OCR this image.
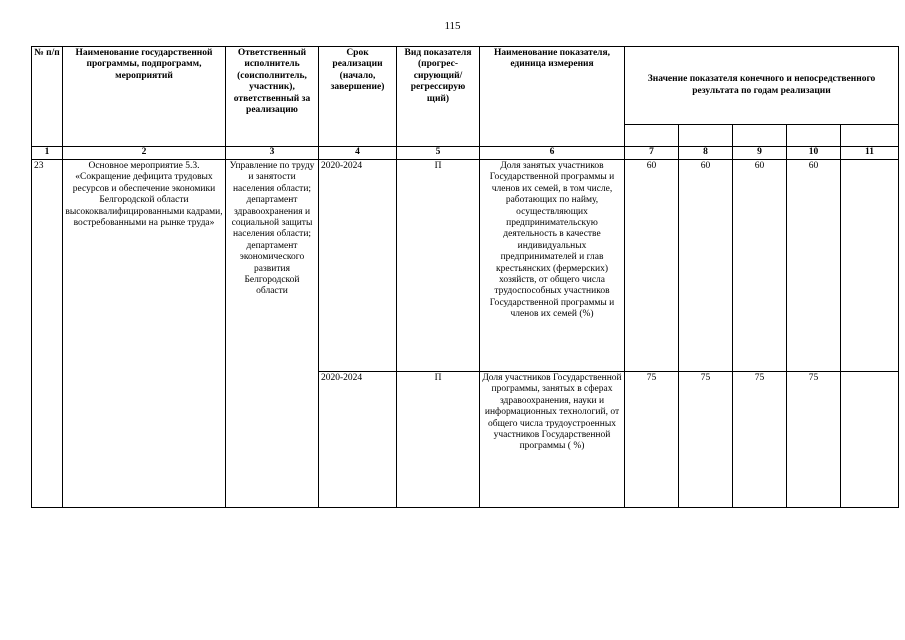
115
№ п/п	Наименование государственной программы, подпрограмм, мероприятий	Ответственный исполнитель (соисполнитель, участник), ответственный за реализацию	Срок реализации (начало, завершение)	Вид показателя (прогрес-сирующий/ регрессирую щий)	Наименование показателя, единица измерения	Значение показателя конечного и непосредственного результата по годам реализации				

1	2	3	4	5	6	7	8	9	10	11
23	Основное мероприятие 5.3. «Сокращение дефицита трудовых ресурсов и обеспечение экономики Белгородской области высококвалифицированными кадрами, востребованными на рынке труда»	Управление по труду и занятости населения области; департамент здравоохранения и социальной защиты населения области; департамент экономического развития Белгородской области	2020-2024	П	Доля занятых участников Государственной программы и членов их семей, в том числе, работающих по найму, осуществляющих предпринимательскую деятельность в качестве индивидуальных предпринимателей и глав крестьянских (фермерских) хозяйств, от общего числа трудоспособных участников Государственной программы и членов их семей (%)	60	60	60	60	
			2020-2024	П	Доля участников Государственной программы, занятых в сферах здравоохранения, науки и информационных технологий, от общего числа трудоустроенных участников Государственной программы ( %)	75	75	75	75	
